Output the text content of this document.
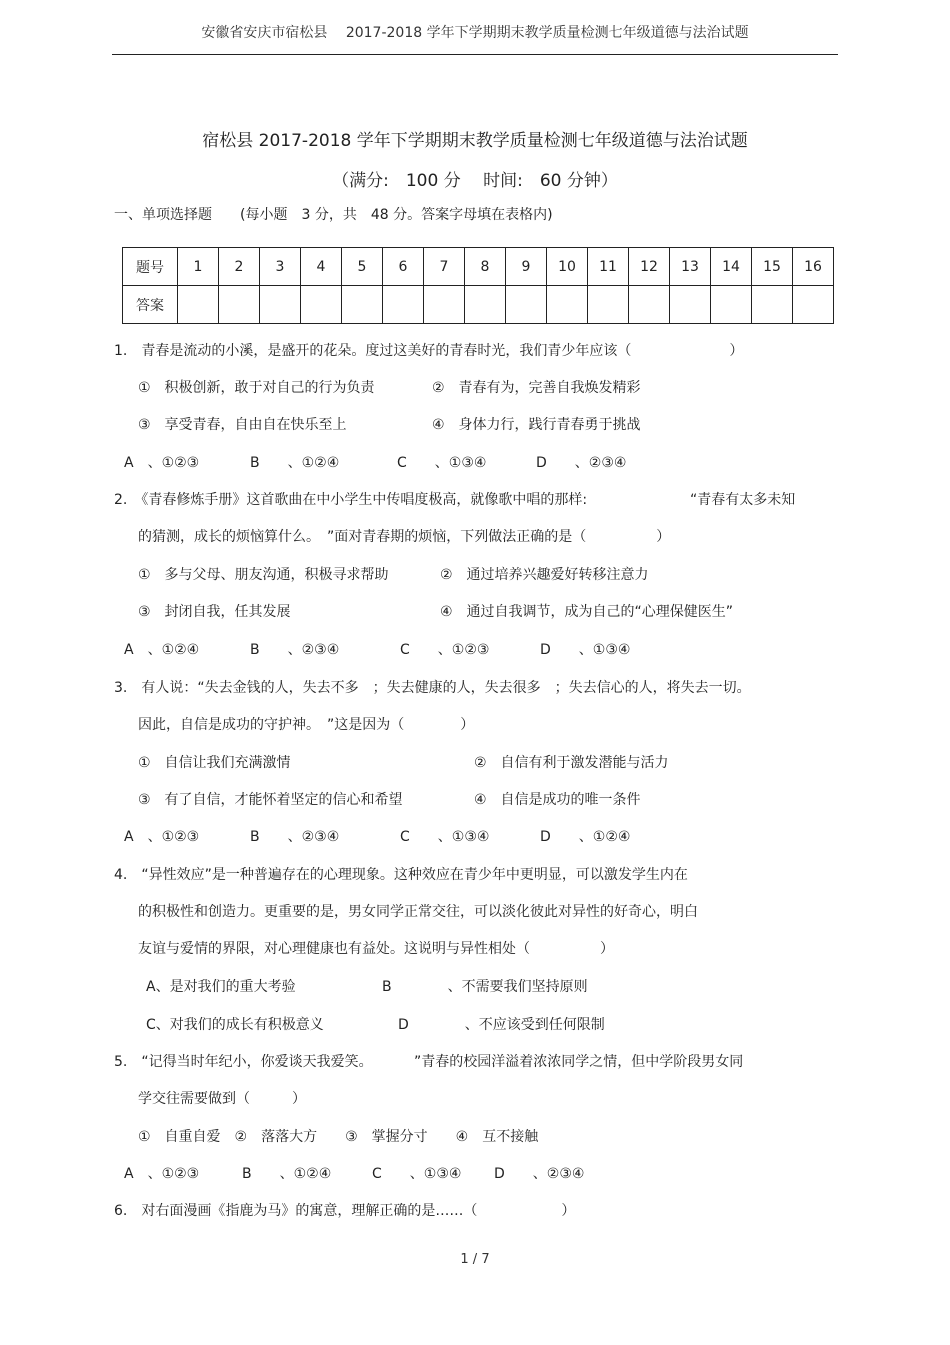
安徽省安庆市宿松县　 2017-2018 学年下学期期末教学质量检测七年级道德与法治试题
宿松县 2017-2018 学年下学期期末教学质量检测七年级道德与法治试题
（满分:　100 分　 时间:　60 分钟）
一、单项选择题　　(每小题　3 分，共　48 分。答案字母填在表格内)
题号	1	2	3	4	5	6	7	8	9	10	11	12	13	14	15	16
答案																
1.　青春是流动的小溪，是盛开的花朵。度过这美好的青春时光，我们青少年应该（　　　　　　　）
①　积极创新，敢于对自己的行为负责	②　青春有为，完善自我焕发精彩
③　享受青春，自由自在快乐至上	④　身体力行，践行青春勇于挑战
A　、①②③	B　　、①②④	C　　、①③④	D　　、②③④
2.　《青春修炼手册》这首歌曲在中小学生中传唱度极高，就像歌中唱的那样:	“青春有太多未知
的猜测，成长的烦恼算什么。　”面对青春期的烦恼，下列做法正确的是（　　　　　）
①　多与父母、朋友沟通，积极寻求帮助	②　通过培养兴趣爱好转移注意力
③　封闭自我，任其发展	④　通过自我调节，成为自己的“心理保健医生”
A　、①②④	B　　、②③④	C　　、①②③	D　　、①③④
3.　有人说：“失去金钱的人，失去不多　；失去健康的人，失去很多　；失去信心的人，将失去一切。
因此，自信是成功的守护神。　”这是因为（　　　　）
①　自信让我们充满激情	②　自信有利于激发潜能与活力
③　有了自信，才能怀着坚定的信心和希望	④　自信是成功的唯一条件
A　、①②③	B　　、②③④	C　　、①③④	D　　、①②④
4.　“异性效应”是一种普遍存在的心理现象。这种效应在青少年中更明显，可以激发学生内在
的积极性和创造力。更重要的是，男女同学正常交往，可以淡化彼此对异性的好奇心，明白
友谊与爱情的界限，对心理健康也有益处。这说明与异性相处（　　　　　）
A、是对我们的重大考验	B　　　　、不需要我们坚持原则
C、对我们的成长有积极意义	D　　　　、不应该受到任何限制
5.　“记得当时年纪小，你爱谈天我爱笑。	”青春的校园洋溢着浓浓同学之情，但中学阶段男女同
学交往需要做到（　　　）
①　自重自爱　②　落落大方　　③　掌握分寸　　④　互不接触
A　、①②③	B　　、①②④	C　　、①③④ D　　、②③④
6.　对右面漫画《指鹿为马》的寓意，理解正确的是……（　　　　　　）
1 / 7
